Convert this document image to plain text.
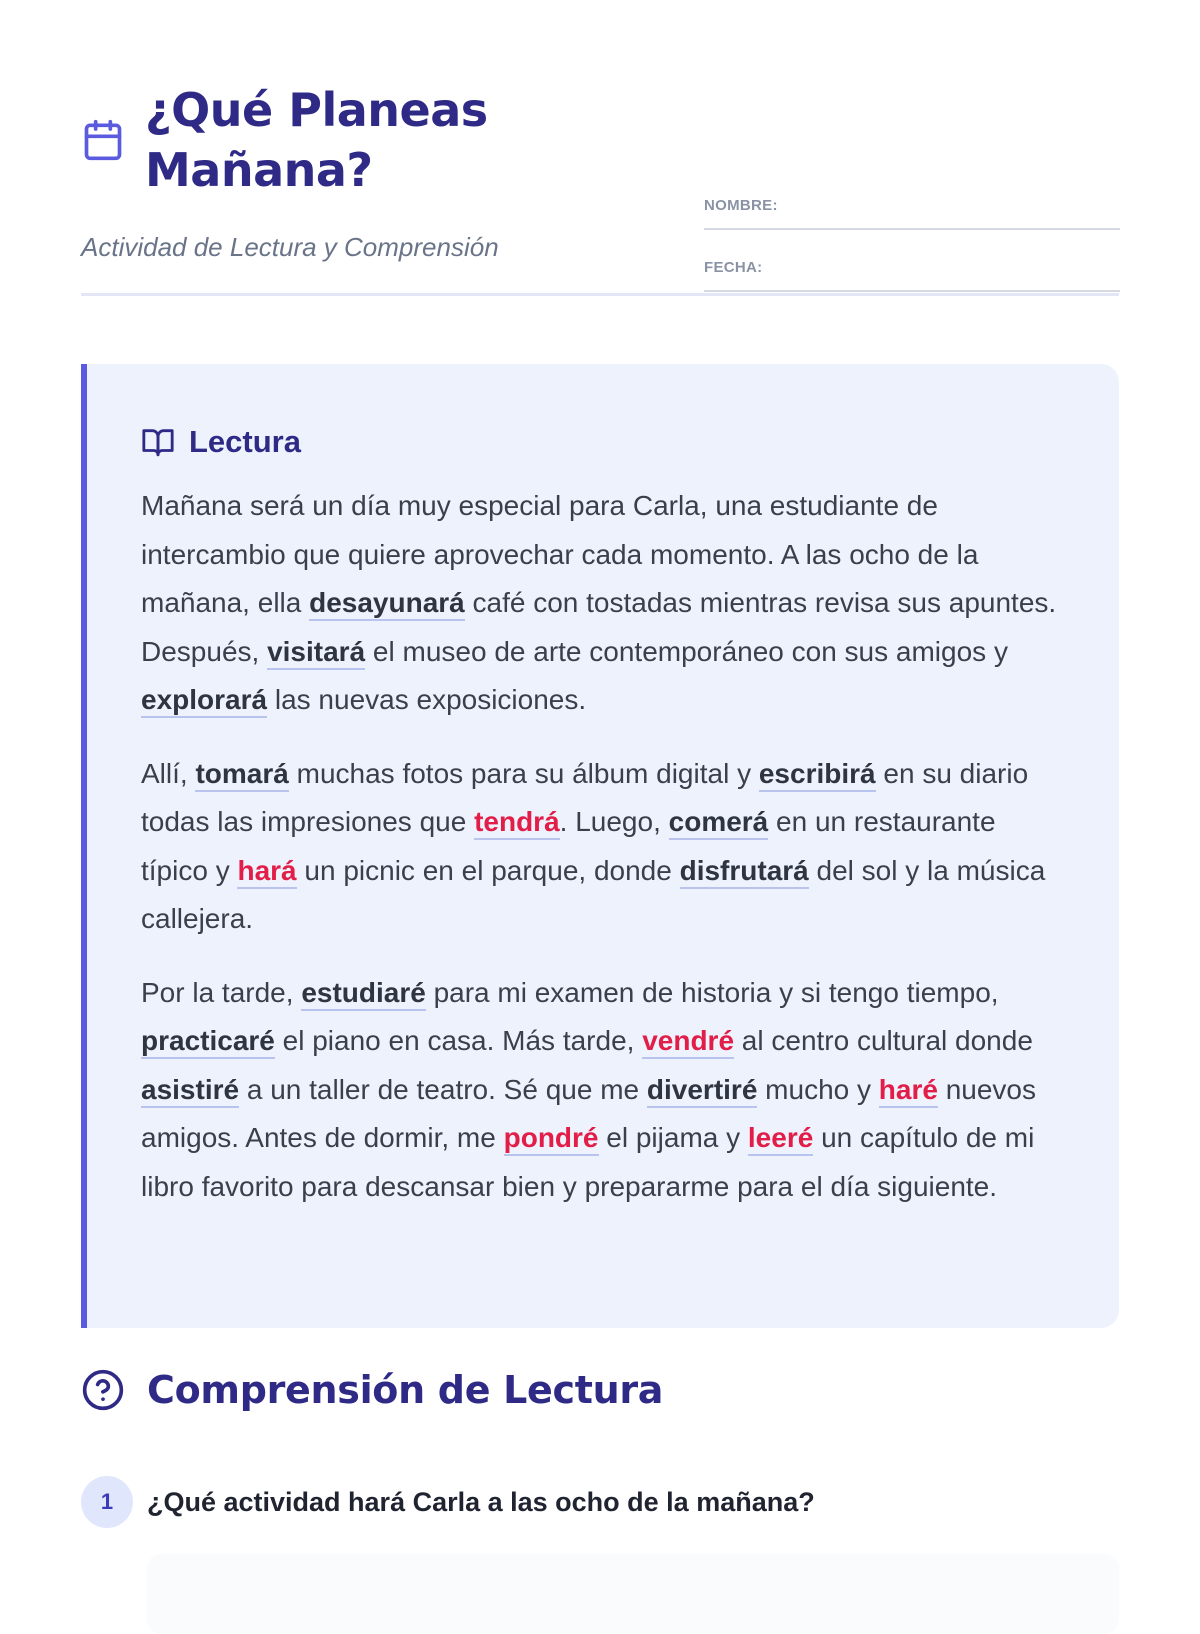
¿Qué Planeas Mañana?

Actividad de Lectura y Comprensión

NOMBRE:
FECHA:
Lectura

Mañana será un día muy especial para Carla, una estudiante de intercambio que quiere aprovechar cada momento. A las ocho de la mañana, ella desayunará café con tostadas mientras revisa sus apuntes. Después, visitará el museo de arte contemporáneo con sus amigos y explorará las nuevas exposiciones.

Allí, tomará muchas fotos para su álbum digital y escribirá en su diario todas las impresiones que tendrá. Luego, comerá en un restaurante típico y hará un picnic en el parque, donde disfrutará del sol y la música callejera.

Por la tarde, estudiaré para mi examen de historia y si tengo tiempo, practicaré el piano en casa. Más tarde, vendré al centro cultural donde asistiré a un taller de teatro. Sé que me divertiré mucho y haré nuevos amigos. Antes de dormir, me pondré el pijama y leeré un capítulo de mi libro favorito para descansar bien y prepararme para el día siguiente.

Comprensión de Lectura
1	¿Qué actividad hará Carla a las ocho de la mañana?
